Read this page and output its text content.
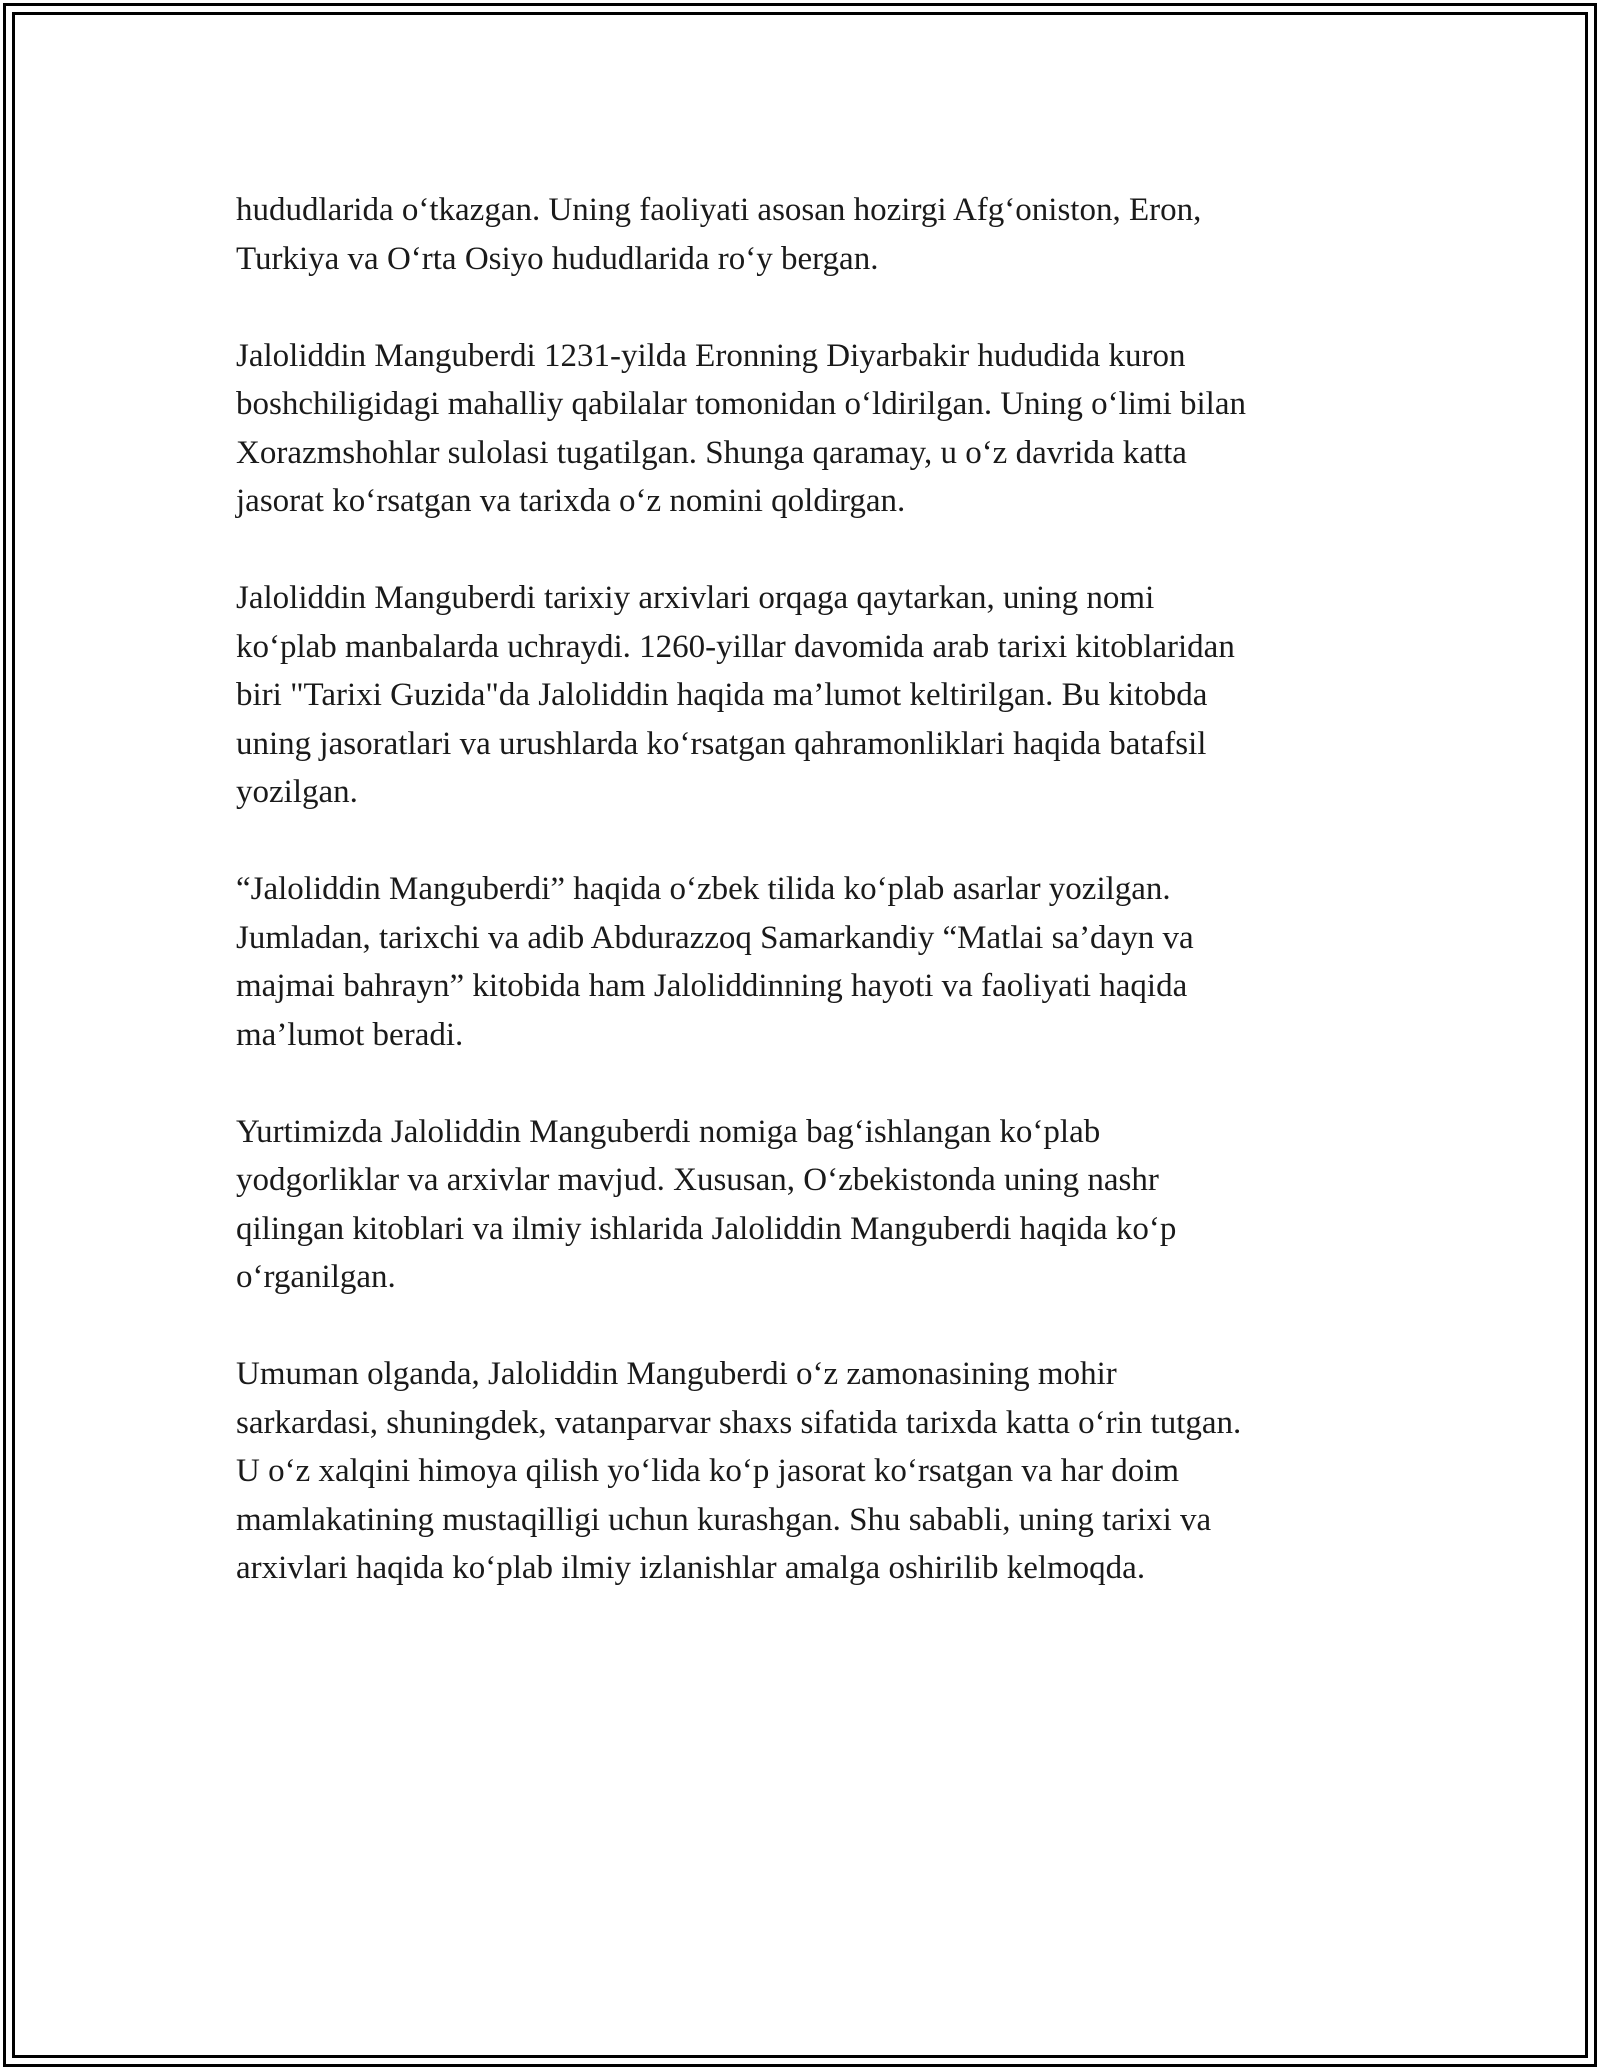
hududlarida o‘tkazgan. Uning faoliyati asosan hozirgi Afg‘oniston, Eron,
Turkiya va O‘rta Osiyo hududlarida ro‘y bergan.

Jaloliddin Manguberdi 1231-yilda Eronning Diyarbakir hududida kuron
boshchiligidagi mahalliy qabilalar tomonidan o‘ldirilgan. Uning o‘limi bilan
Xorazmshohlar sulolasi tugatilgan. Shunga qaramay, u o‘z davrida katta
jasorat ko‘rsatgan va tarixda o‘z nomini qoldirgan.

Jaloliddin Manguberdi tarixiy arxivlari orqaga qaytarkan, uning nomi
ko‘plab manbalarda uchraydi. 1260-yillar davomida arab tarixi kitoblaridan
biri "Tarixi Guzida"da Jaloliddin haqida ma’lumot keltirilgan. Bu kitobda
uning jasoratlari va urushlarda ko‘rsatgan qahramonliklari haqida batafsil
yozilgan.

“Jaloliddin Manguberdi” haqida o‘zbek tilida ko‘plab asarlar yozilgan.
Jumladan, tarixchi va adib Abdurazzoq Samarkandiy “Matlai sa’dayn va
majmai bahrayn” kitobida ham Jaloliddinning hayoti va faoliyati haqida
ma’lumot beradi.

Yurtimizda Jaloliddin Manguberdi nomiga bag‘ishlangan ko‘plab
yodgorliklar va arxivlar mavjud. Xususan, O‘zbekistonda uning nashr
qilingan kitoblari va ilmiy ishlarida Jaloliddin Manguberdi haqida ko‘p
o‘rganilgan.

Umuman olganda, Jaloliddin Manguberdi o‘z zamonasining mohir
sarkardasi, shuningdek, vatanparvar shaxs sifatida tarixda katta o‘rin tutgan.
U o‘z xalqini himoya qilish yo‘lida ko‘p jasorat ko‘rsatgan va har doim
mamlakatining mustaqilligi uchun kurashgan. Shu sababli, uning tarixi va
arxivlari haqida ko‘plab ilmiy izlanishlar amalga oshirilib kelmoqda.
